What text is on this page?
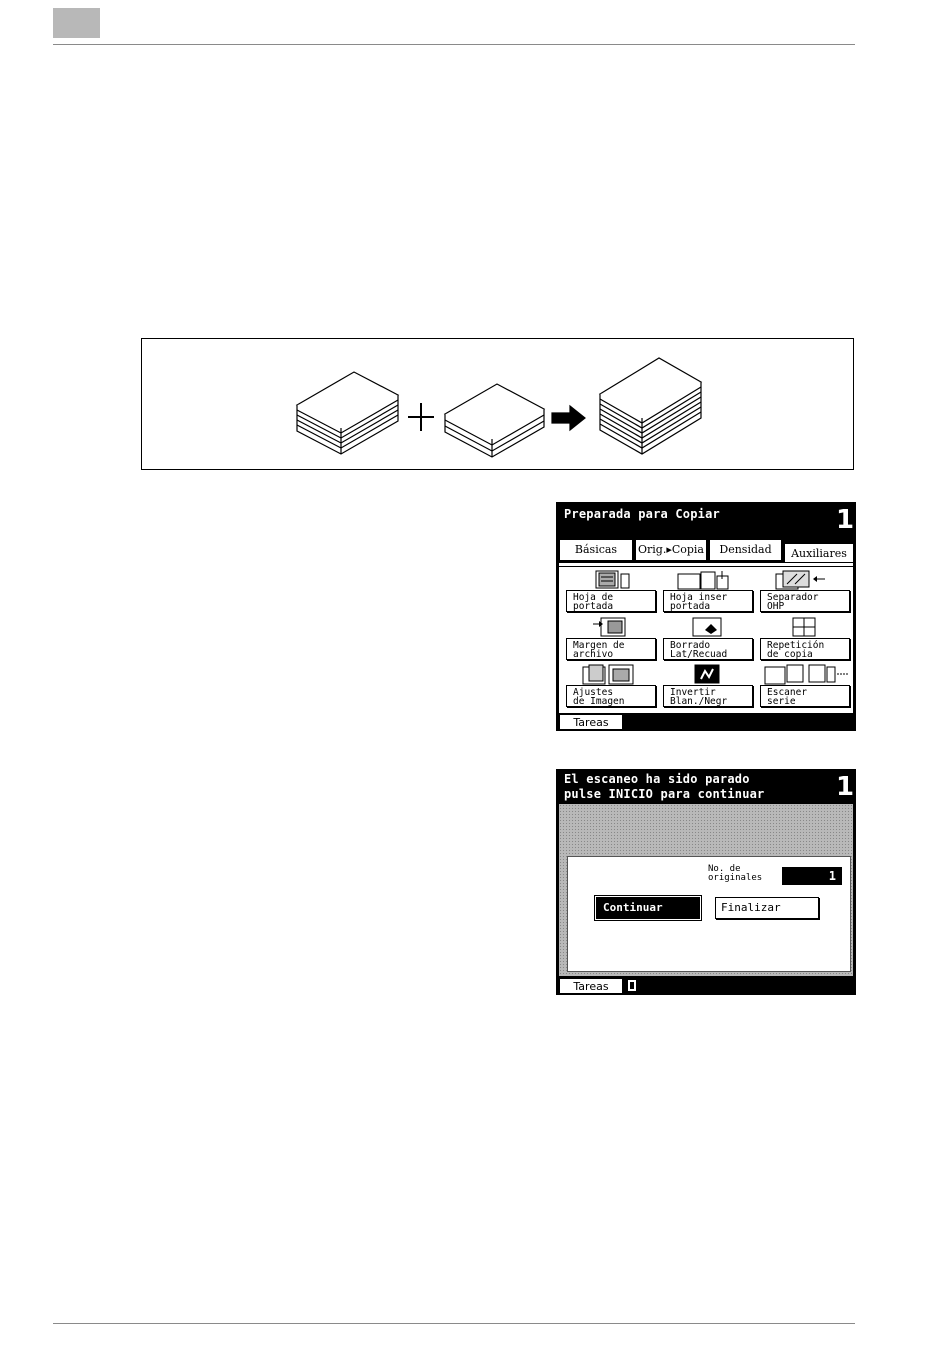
Preparada para Copiar	1
Básicas	Orig.▸Copia	Densidad	Auxiliares
Hoja de
portada
Hoja inser
portada
Separador
OHP
Margen de
archivo
Borrado
Lat/Recuad
Repetición
de copia
Ajustes
de Imagen
Invertir
Blan./Negr
Escaner
serie
Tareas
El escaneo ha sido parado
pulse INICIO para continuar	1
No. de
originales	1
Continuar	Finalizar
Tareas
